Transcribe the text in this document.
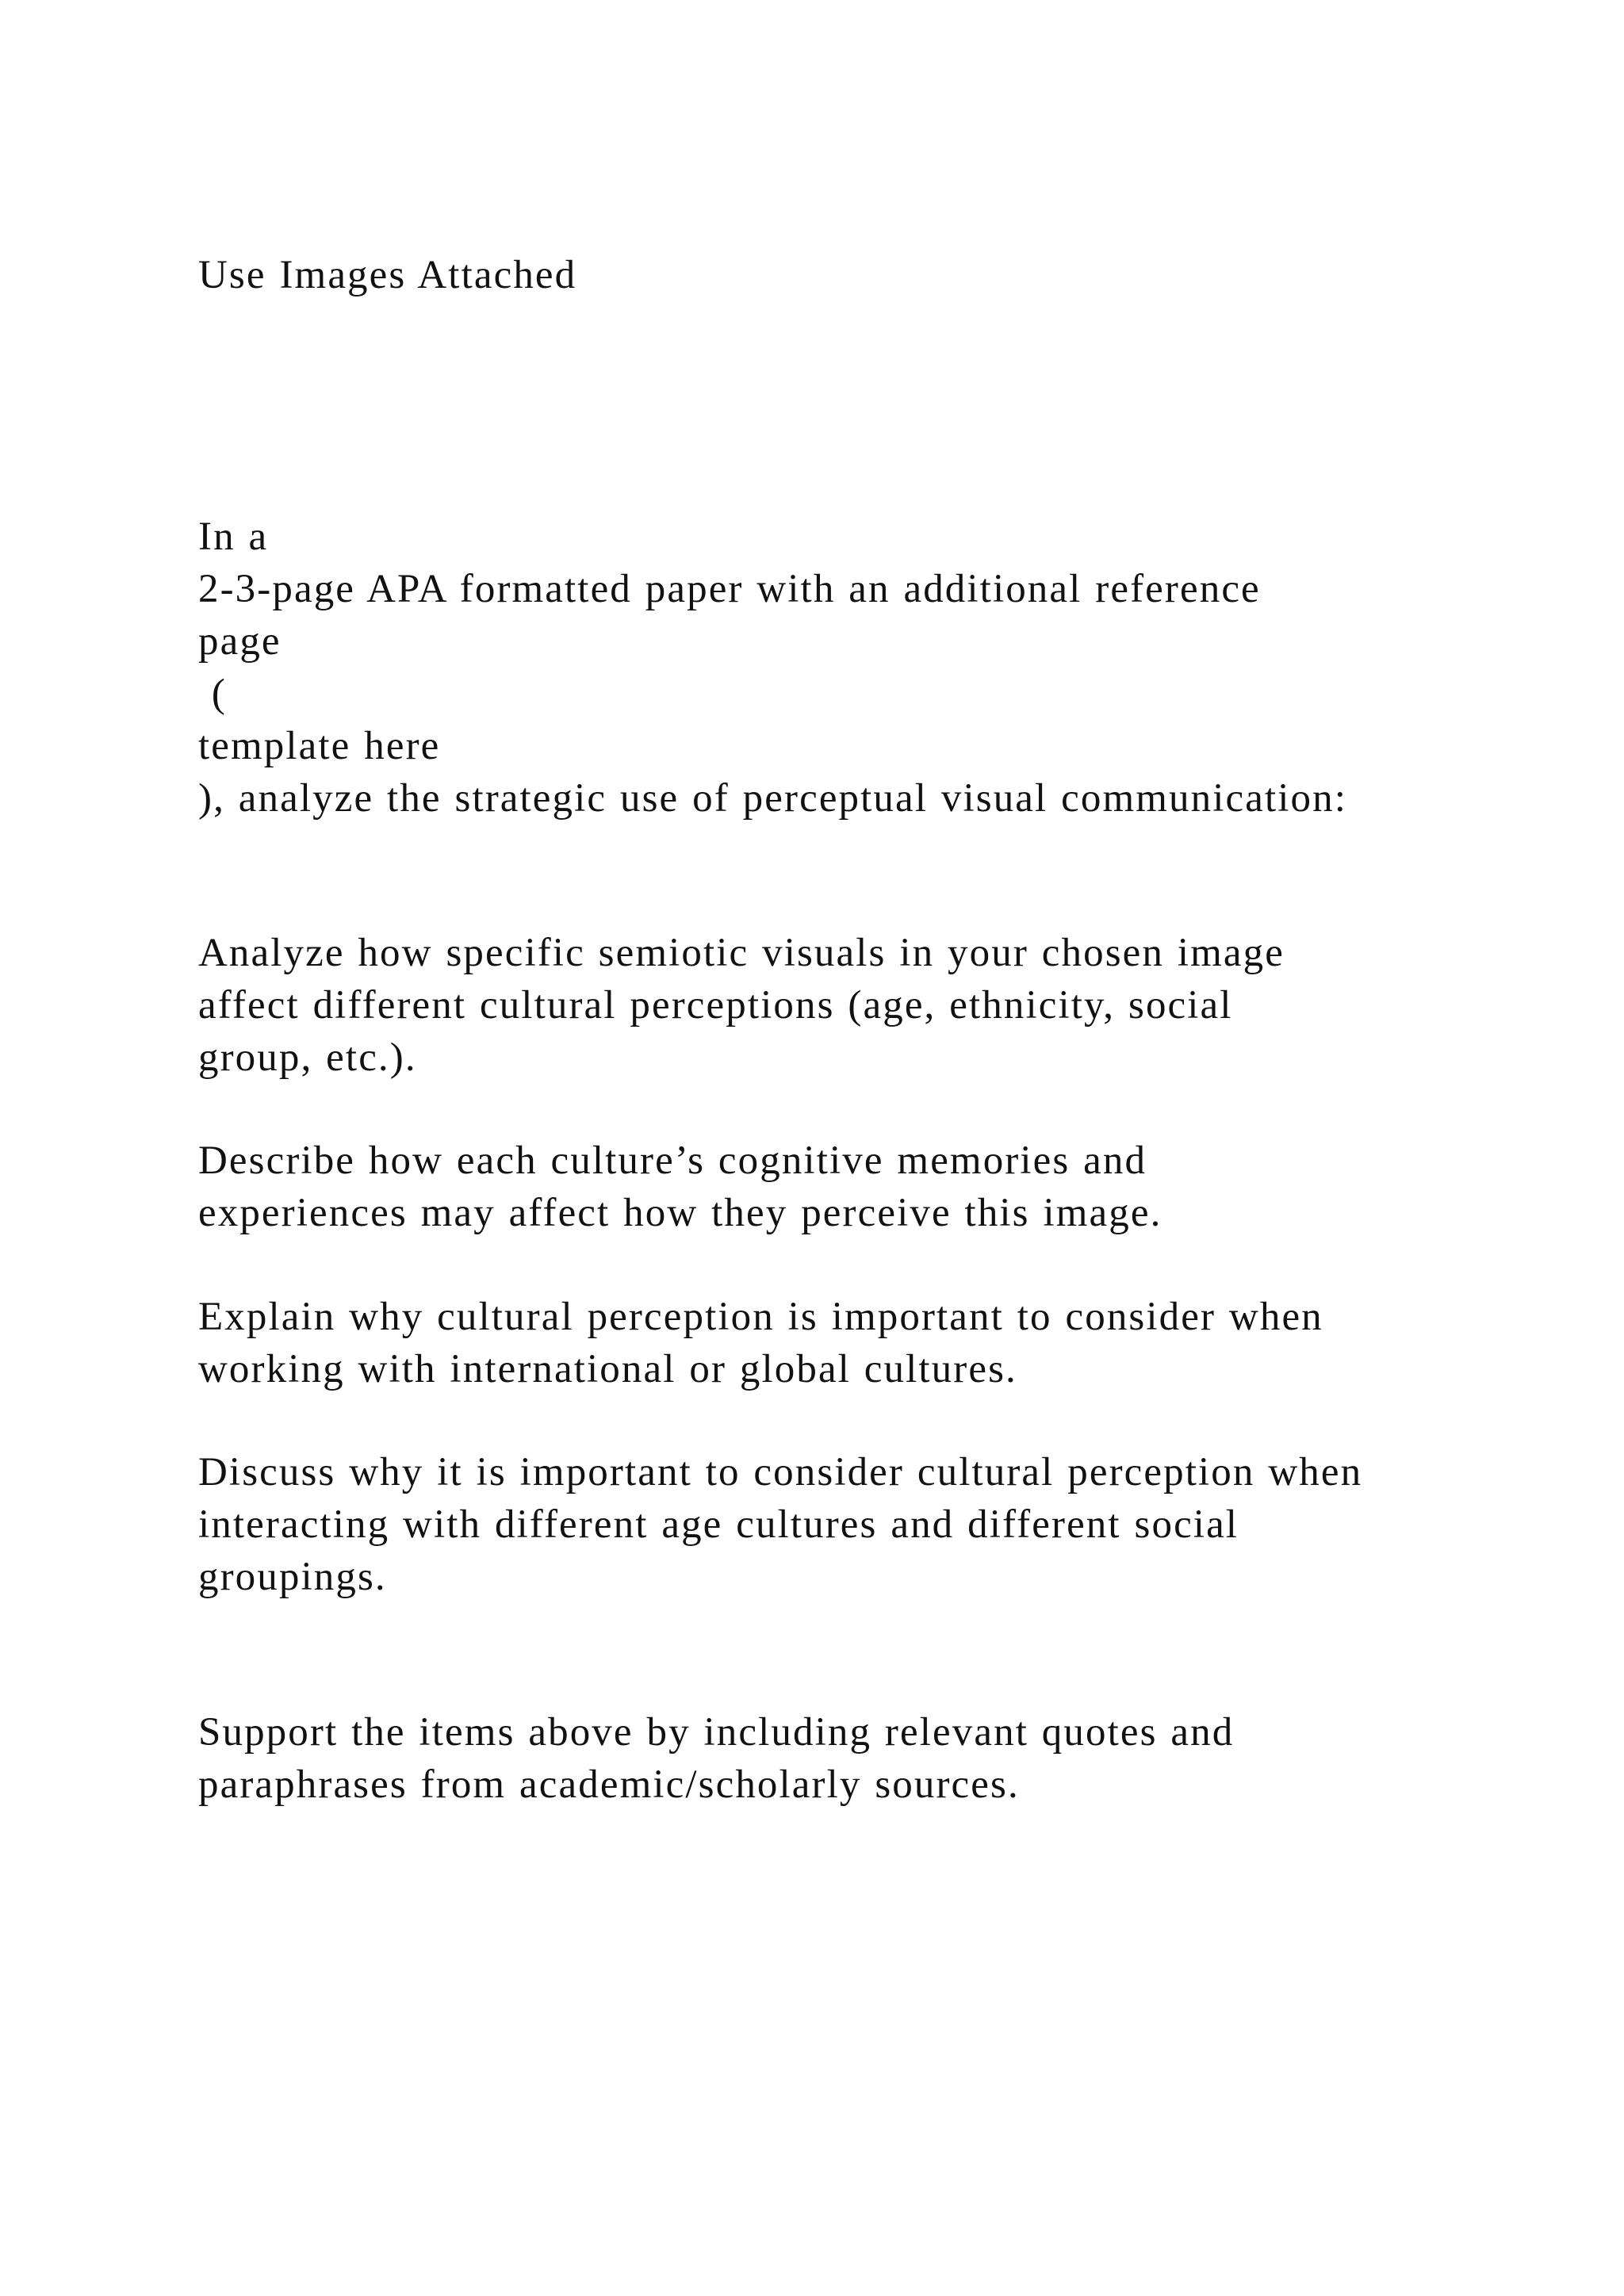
Use Images Attached
In a
2-3-page APA formatted paper with an additional reference
page
(
template here
), analyze the strategic use of perceptual visual communication:
Analyze how specific semiotic visuals in your chosen image
affect different cultural perceptions (age, ethnicity, social
group, etc.).
Describe how each culture’s cognitive memories and
experiences may affect how they perceive this image.
Explain why cultural perception is important to consider when
working with international or global cultures.
Discuss why it is important to consider cultural perception when
interacting with different age cultures and different social
groupings.
Support the items above by including relevant quotes and
paraphrases from academic/scholarly sources.
